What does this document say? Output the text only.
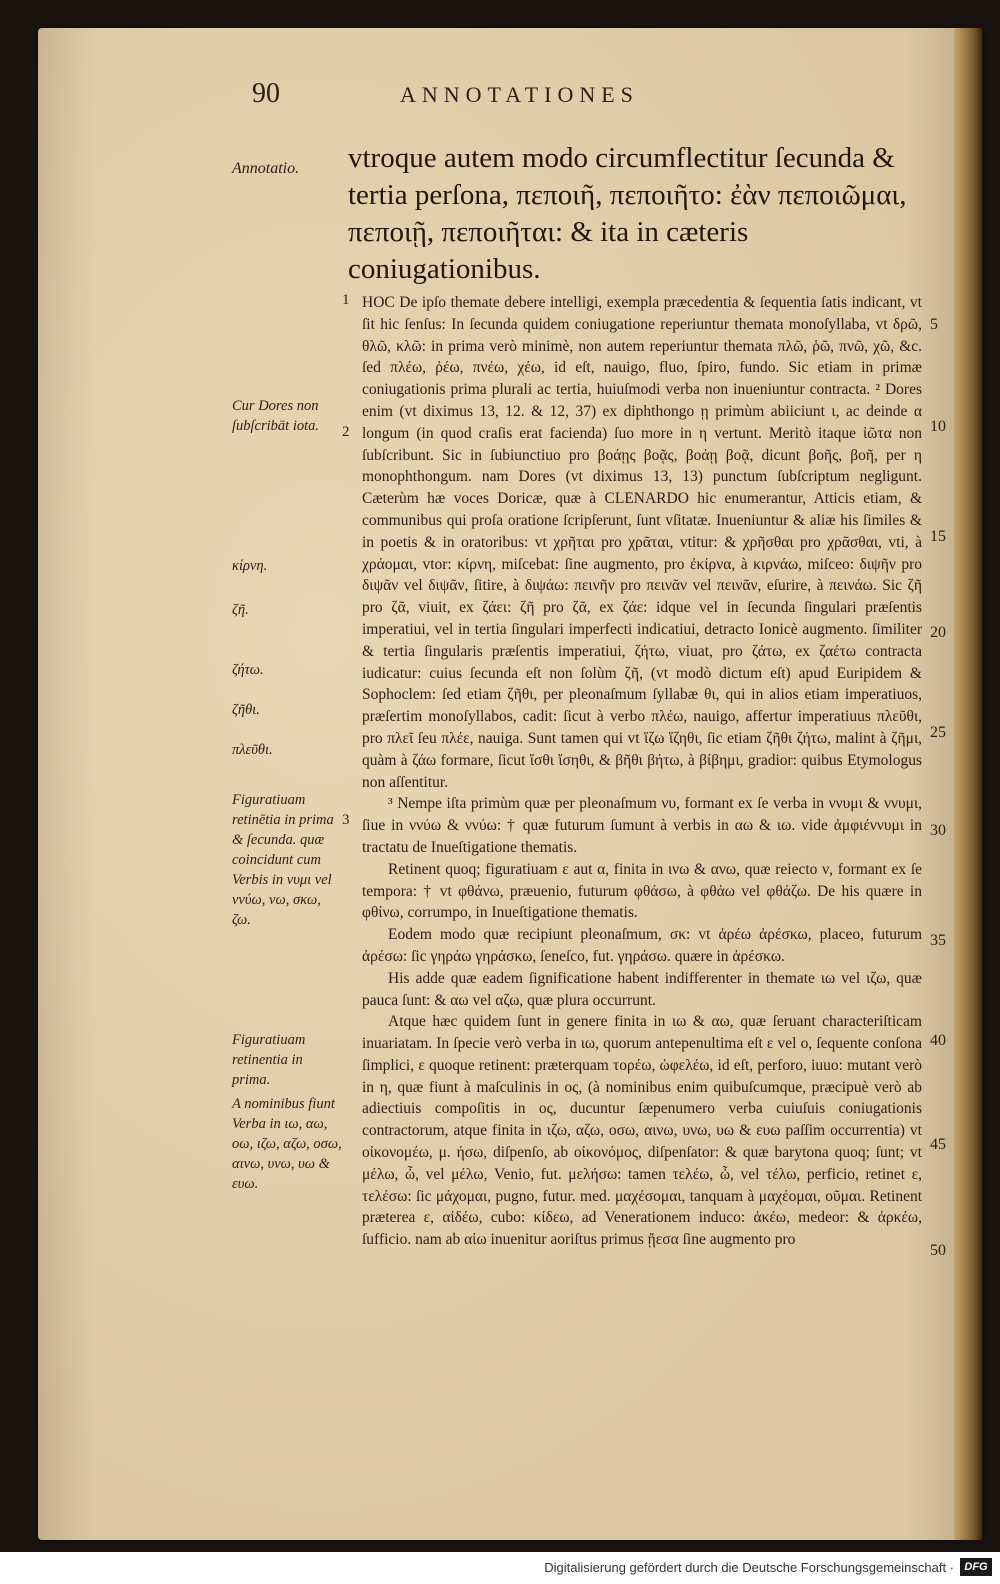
90	ANNOTATIONES
Annotatio. vtroque autem modo circumflectitur ſecunda & tertia perſona, πεποιῆ, πεποιῆτο: ἐὰν πεποιῶμαι, πεποιῇ, πεποιῆται: & ita in cæteris coniugationibus.
1
2
3
Cur Dores non ſubſcribāt iota.
κίρνη.
ζῆ.
ζήτω.
ζῆθι.
πλεῦθι.
Figuratiuam retinētia in prima & ſecunda. quæ coincidunt cum Verbis in νυμι vel ννύω, νω, σκω, ζω.
Figuratiuam retinentia in prima.
A nominibus fiunt Verba in ιω, αω, οω, ιζω, αζω, οσω, αινω, υνω, υω & ευω.

HOC De ipſo themate debere intelligi, exempla præcedentia & ſequentia ſatis indicant, vt ſit hic ſenſus: In ſecunda quidem coniugatione reperiuntur themata monoſyllaba, vt δρῶ, θλῶ, κλῶ: in prima verò minimè, non autem reperiuntur themata πλῶ, ῥῶ, πνῶ, χῶ, &c. ſed πλέω, ῥέω, πνέω, χέω, id eſt, nauigo, fluo, ſpiro, fundo. Sic etiam in primæ coniugationis prima plurali ac tertia, huiuſmodi verba non inueniuntur contracta. ² Dores enim (vt diximus 13, 12. & 12, 37) ex diphthongo ῃ primùm abiiciunt ι, ac deinde α longum (in quod craſis erat facienda) ſuo more in η vertunt. Meritò itaque ἰῶτα non ſubſcribunt. Sic in ſubiunctiuo pro βοάῃς βοᾷς, βοάῃ βοᾷ, dicunt βοῆς, βοῆ, per η monophthongum. nam Dores (vt diximus 13, 13) punctum ſubſcriptum negligunt. Cæterùm hæ voces Doricæ, quæ à CLENARDO hic enumerantur, Atticis etiam, & communibus qui proſa oratione ſcripſerunt, ſunt vſitatæ. Inueniuntur & aliæ his ſimiles & in poetis & in oratoribus: vt χρῆται pro χρᾶται, vtitur: & χρῆσθαι pro χρᾶσθαι, vti, à χράομαι, vtor: κίρνη, miſcebat: ſine augmento, pro ἐκίρνα, à κιρνάω, miſceo: διψῆν pro διψᾶν vel διψᾶν, ſitire, à διψάω: πεινῆν pro πεινᾶν vel πεινᾶν, eſurire, à πεινάω. Sic ζῆ pro ζᾶ, viuit, ex ζάει: ζῆ pro ζᾶ, ex ζάε: idque vel in ſecunda ſingulari præſentis imperatiui, vel in tertia ſingulari imperfecti indicatiui, detracto Ionicè augmento. ſimiliter & tertia ſingularis præſentis imperatiui, ζήτω, viuat, pro ζάτω, ex ζαέτω contracta iudicatur: cuius ſecunda eſt non ſolùm ζῆ, (vt modò dictum eſt) apud Euripidem & Sophoclem: ſed etiam ζῆθι, per pleonaſmum ſyllabæ θι, qui in alios etiam imperatiuos, præſertim monoſyllabos, cadit: ſicut à verbo πλέω, nauigo, affertur imperatiuus πλεῦθι, pro πλεῖ ſeu πλέε, nauiga. Sunt tamen qui vt ἵζω ἵζηθι, ſic etiam ζῆθι ζήτω, malint à ζῆμι, quàm à ζάω formare, ſicut ἵσθι ἴσηθι, & βῆθι βήτω, à βίβημι, gradior: quibus Etymologus non aſſentitur.

³ Nempe iſta primùm quæ per pleonaſmum νυ, formant ex ſe verba in ννυμι & ννυμι, ſiue in ννύω & ννύω: † quæ futurum ſumunt à verbis in αω & ιω. vide ἀμφιέννυμι in tractatu de Inueſtigatione thematis.

Retinent quoq; figuratiuam ε aut α, finita in ινω & ανω, quæ reiecto ν, formant ex ſe tempora: † vt φθάνω, præuenio, futurum φθάσω, à φθάω vel φθάζω. De his quære in φθίνω, corrumpo, in Inueſtigatione thematis.

Eodem modo quæ recipiunt pleonaſmum, σκ: vt ἀρέω ἀρέσκω, placeo, futurum ἀρέσω: ſic γηράω γηράσκω, ſeneſco, fut. γηράσω. quære in ἀρέσκω.

His adde quæ eadem ſignificatione habent indifferenter in themate ιω vel ιζω, quæ pauca ſunt: & αω vel αζω, quæ plura occurrunt.

Atque hæc quidem ſunt in genere finita in ιω & αω, quæ ſeruant characteriſticam inuariatam. In ſpecie verò verba in ιω, quorum antepenultima eſt ε vel ο, ſequente conſona ſimplici, ε quoque retinent: præterquam τορέω, ὠφελέω, id eſt, perforo, iuuo: mutant verò in η, quæ fiunt à maſculinis in ος, (à nominibus enim quibuſcumque, præcipuè verò ab adiectiuis compoſitis in ος, ducuntur ſæpenumero verba cuiuſuis coniugationis contractorum, atque finita in ιζω, αζω, οσω, αινω, υνω, υω & ευω paſſim occurrentia) vt οἰκονομέω, μ. ήσω, diſpenſo, ab οἰκονόμος, diſpenſator: & quæ barytona quoq; ſunt; vt μέλω, ὦ, vel μέλω, Venio, fut. μελήσω: tamen τελέω, ὦ, vel τέλω, perficio, retinet ε, τελέσω: ſic μάχομαι, pugno, futur. med. μαχέσομαι, tanquam à μαχέομαι, οῦμαι. Retinent præterea ε, αἰδέω, cubo: κίδεω, ad Venerationem induco: ἀκέω, medeor: & ἀρκέω, ſufficio. nam ab αἰω inuenitur aoriſtus primus ᾔεσα ſine augmento pro

5
10
15
20
25
30
35
40
45
50
Digitalisierung gefördert durch die Deutsche Forschungsgemeinschaft · DFG
